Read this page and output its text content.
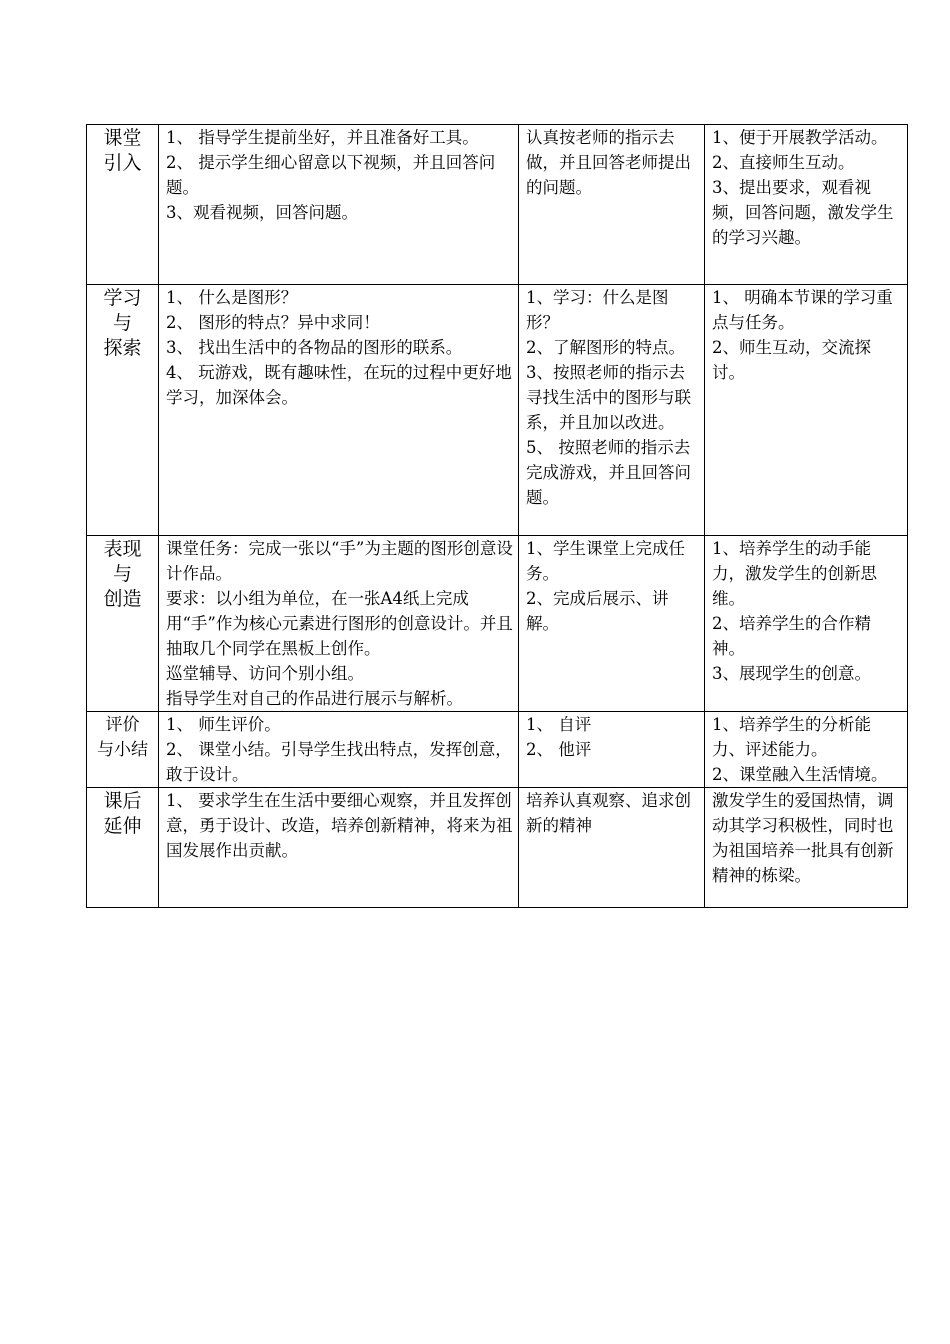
课堂
引入	1、 指导学生提前坐好，并且准备好工具。
2、 提示学生细心留意以下视频，并且回答问题。
3、观看视频，回答问题。	认真按老师的指示去做，并且回答老师提出的问题。	1、便于开展教学活动。
2、直接师生互动。
3、提出要求，观看视频，回答问题，激发学生的学习兴趣。

学习
与
探索	1、 什么是图形？
2、 图形的特点？异中求同！
3、 找出生活中的各物品的图形的联系。
4、 玩游戏，既有趣味性，在玩的过程中更好地学习，加深体会。	1、学习：什么是图形？
2、了解图形的特点。
3、按照老师的指示去寻找生活中的图形与联系，并且加以改进。
5、 按照老师的指示去完成游戏，并且回答问题。	1、 明确本节课的学习重点与任务。
2、师生互动，交流探讨。

表现
与
创造	课堂任务：完成一张以“手”为主题的图形创意设计作品。
要求：以小组为单位，在一张A4纸上完成用“手”作为核心元素进行图形的创意设计。并且抽取几个同学在黑板上创作。
巡堂辅导、访问个别小组。
指导学生对自己的作品进行展示与解析。	1、学生课堂上完成任务。
2、完成后展示、讲解。	1、培养学生的动手能力，激发学生的创新思维。
2、培养学生的合作精神。
3、展现学生的创意。

评价
与小结	1、 师生评价。
2、 课堂小结。引导学生找出特点，发挥创意，敢于设计。	1、 自评
2、 他评	1、培养学生的分析能力、评述能力。
2、课堂融入生活情境。

课后
延伸	1、 要求学生在生活中要细心观察，并且发挥创意，勇于设计、改造，培养创新精神，将来为祖国发展作出贡献。	培养认真观察、追求创新的精神	激发学生的爱国热情，调动其学习积极性，同时也为祖国培养一批具有创新精神的栋梁。
